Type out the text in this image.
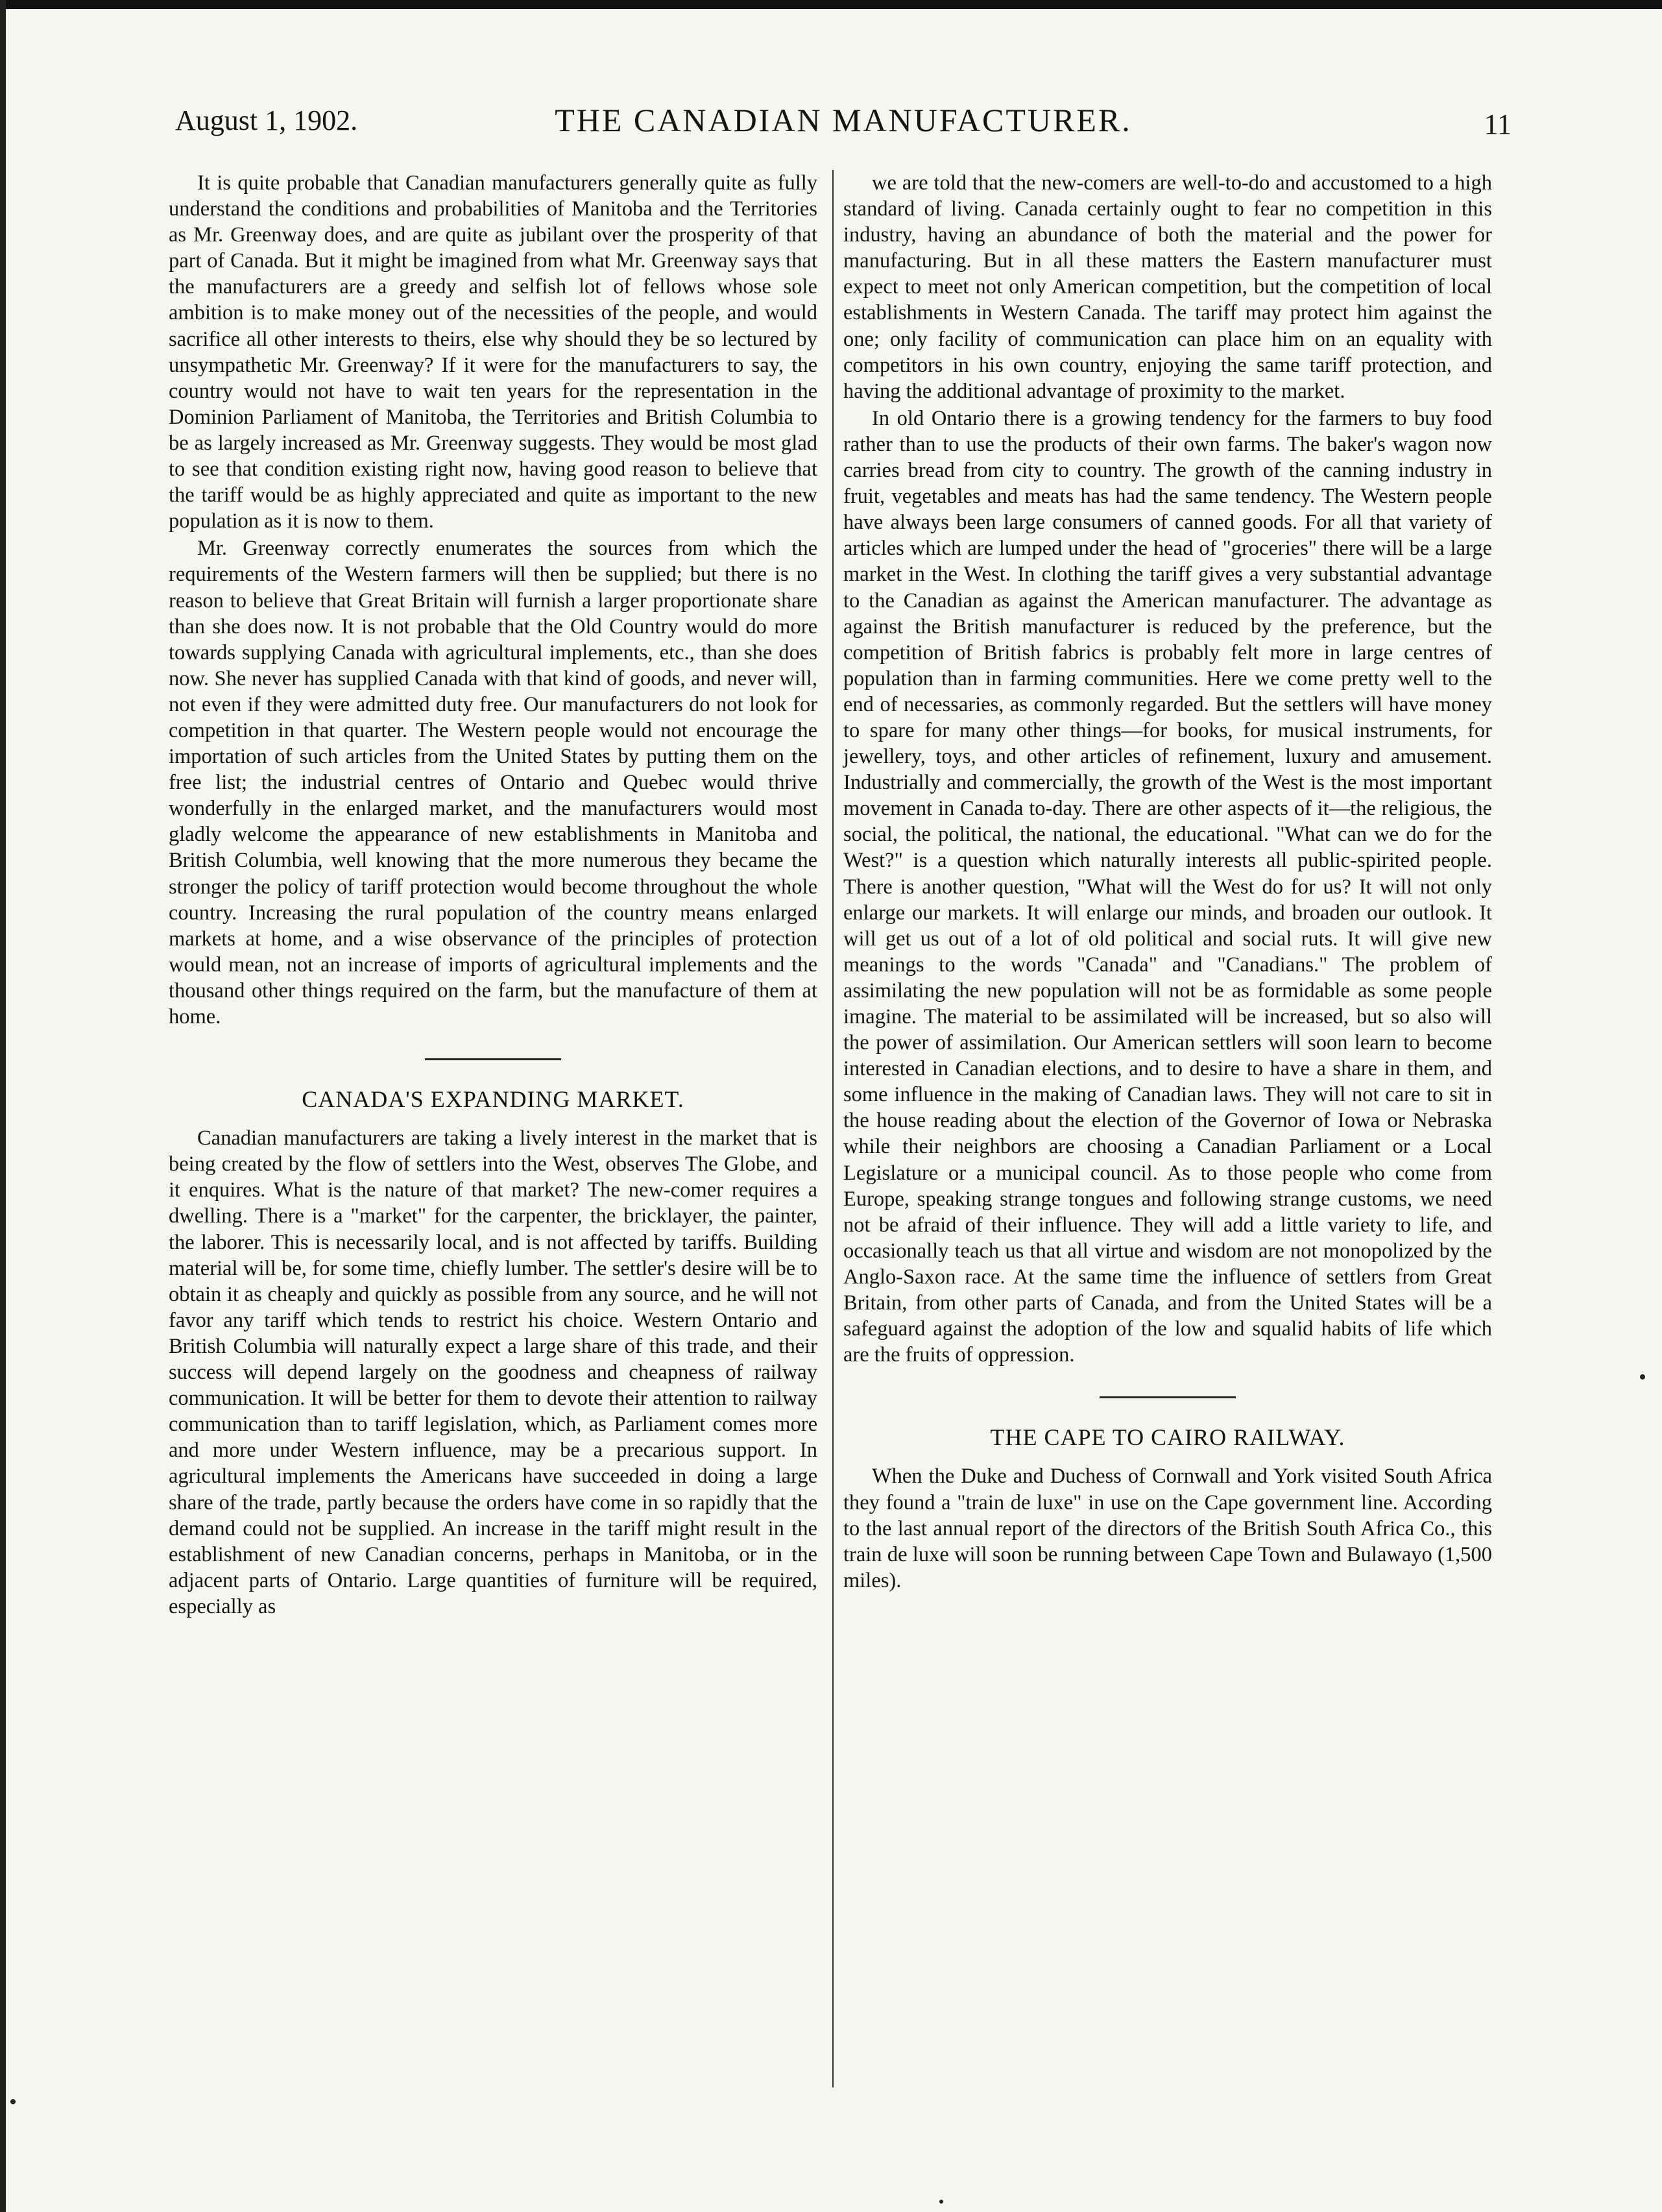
THE CANADIAN MANUFACTURER.
August 1, 1902.	11

It is quite probable that Canadian manufacturers generally quite as fully understand the conditions and probabilities of Manitoba and the Territories as Mr. Greenway does, and are quite as jubilant over the prosperity of that part of Canada. But it might be imagined from what Mr. Greenway says that the manufacturers are a greedy and selfish lot of fellows whose sole ambition is to make money out of the necessities of the people, and would sacrifice all other interests to theirs, else why should they be so lectured by unsympathetic Mr. Greenway? If it were for the manufacturers to say, the country would not have to wait ten years for the representation in the Dominion Parliament of Manitoba, the Territories and British Columbia to be as largely increased as Mr. Greenway suggests. They would be most glad to see that condition existing right now, having good reason to believe that the tariff would be as highly appreciated and quite as important to the new population as it is now to them.

Mr. Greenway correctly enumerates the sources from which the requirements of the Western farmers will then be supplied; but there is no reason to believe that Great Britain will furnish a larger proportionate share than she does now. It is not probable that the Old Country would do more towards supplying Canada with agricultural implements, etc., than she does now. She never has supplied Canada with that kind of goods, and never will, not even if they were admitted duty free. Our manufacturers do not look for competition in that quarter. The Western people would not encourage the importation of such articles from the United States by putting them on the free list; the industrial centres of Ontario and Quebec would thrive wonderfully in the enlarged market, and the manufacturers would most gladly welcome the appearance of new establishments in Manitoba and British Columbia, well knowing that the more numerous they became the stronger the policy of tariff protection would become throughout the whole country. Increasing the rural population of the country means enlarged markets at home, and a wise observance of the principles of protection would mean, not an increase of imports of agricultural implements and the thousand other things required on the farm, but the manufacture of them at home.

CANADA'S EXPANDING MARKET.

Canadian manufacturers are taking a lively interest in the market that is being created by the flow of settlers into the West, observes The Globe, and it enquires. What is the nature of that market? The new-comer requires a dwelling. There is a "market" for the carpenter, the bricklayer, the painter, the laborer. This is necessarily local, and is not affected by tariffs. Building material will be, for some time, chiefly lumber. The settler's desire will be to obtain it as cheaply and quickly as possible from any source, and he will not favor any tariff which tends to restrict his choice. Western Ontario and British Columbia will naturally expect a large share of this trade, and their success will depend largely on the goodness and cheapness of railway communication. It will be better for them to devote their attention to railway communication than to tariff legislation, which, as Parliament comes more and more under Western influence, may be a precarious support. In agricultural implements the Americans have succeeded in doing a large share of the trade, partly because the orders have come in so rapidly that the demand could not be supplied. An increase in the tariff might result in the establishment of new Canadian concerns, perhaps in Manitoba, or in the adjacent parts of Ontario. Large quantities of furniture will be required, especially as

we are told that the new-comers are well-to-do and accustomed to a high standard of living. Canada certainly ought to fear no competition in this industry, having an abundance of both the material and the power for manufacturing. But in all these matters the Eastern manufacturer must expect to meet not only American competition, but the competition of local establishments in Western Canada. The tariff may protect him against the one; only facility of communication can place him on an equality with competitors in his own country, enjoying the same tariff protection, and having the additional advantage of proximity to the market.

In old Ontario there is a growing tendency for the farmers to buy food rather than to use the products of their own farms. The baker's wagon now carries bread from city to country. The growth of the canning industry in fruit, vegetables and meats has had the same tendency. The Western people have always been large consumers of canned goods. For all that variety of articles which are lumped under the head of "groceries" there will be a large market in the West. In clothing the tariff gives a very substantial advantage to the Canadian as against the American manufacturer. The advantage as against the British manufacturer is reduced by the preference, but the competition of British fabrics is probably felt more in large centres of population than in farming communities. Here we come pretty well to the end of necessaries, as commonly regarded. But the settlers will have money to spare for many other things—for books, for musical instruments, for jewellery, toys, and other articles of refinement, luxury and amusement. Industrially and commercially, the growth of the West is the most important movement in Canada to-day. There are other aspects of it—the religious, the social, the political, the national, the educational. "What can we do for the West?" is a question which naturally interests all public-spirited people. There is another question, "What will the West do for us? It will not only enlarge our markets. It will enlarge our minds, and broaden our outlook. It will get us out of a lot of old political and social ruts. It will give new meanings to the words "Canada" and "Canadians." The problem of assimilating the new population will not be as formidable as some people imagine. The material to be assimilated will be increased, but so also will the power of assimilation. Our American settlers will soon learn to become interested in Canadian elections, and to desire to have a share in them, and some influence in the making of Canadian laws. They will not care to sit in the house reading about the election of the Governor of Iowa or Nebraska while their neighbors are choosing a Canadian Parliament or a Local Legislature or a municipal council. As to those people who come from Europe, speaking strange tongues and following strange customs, we need not be afraid of their influence. They will add a little variety to life, and occasionally teach us that all virtue and wisdom are not monopolized by the Anglo-Saxon race. At the same time the influence of settlers from Great Britain, from other parts of Canada, and from the United States will be a safeguard against the adoption of the low and squalid habits of life which are the fruits of oppression.

THE CAPE TO CAIRO RAILWAY.

When the Duke and Duchess of Cornwall and York visited South Africa they found a "train de luxe" in use on the Cape government line. According to the last annual report of the directors of the British South Africa Co., this train de luxe will soon be running between Cape Town and Bulawayo (1,500 miles).
